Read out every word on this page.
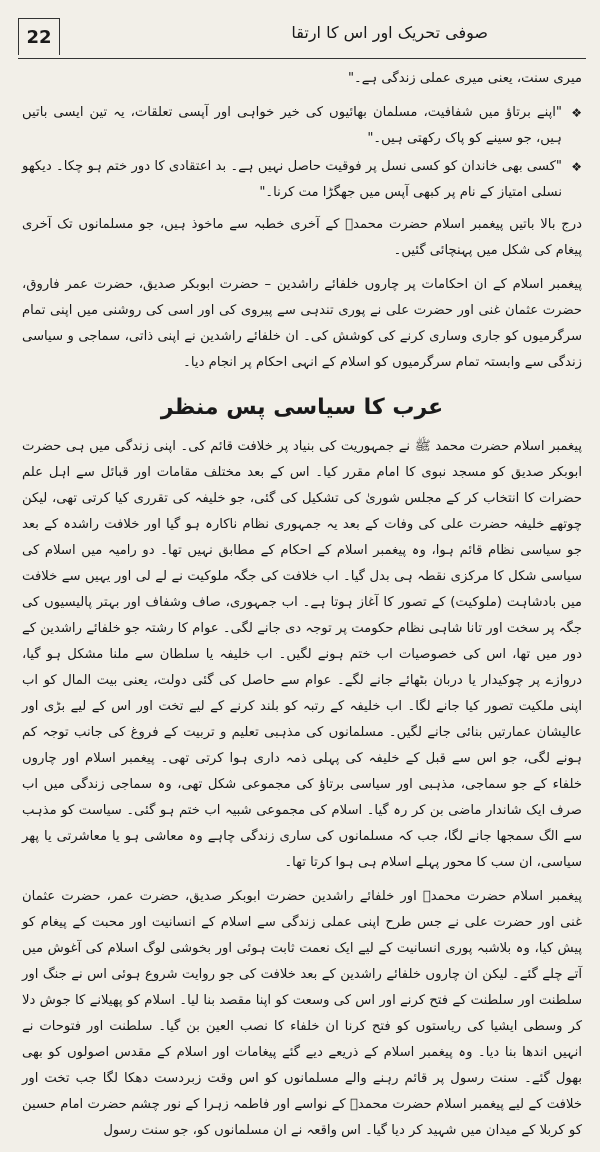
22	صوفی تحریک اور اس کا ارتقا

میری سنت، یعنی میری عملی زندگی ہے۔"

❖
"اپنے برتاؤ میں شفافیت، مسلمان بھائیوں کی خیر خواہی اور آپسی تعلقات، یہ تین ایسی باتیں ہیں، جو سینے کو پاک رکھتی ہیں۔"
❖
"کسی بھی خاندان کو کسی نسل پر فوقیت حاصل نہیں ہے۔ بد اعتقادی کا دور ختم ہو چکا۔ دیکھو نسلی امتیاز کے نام پر کبھی آپس میں جھگڑا مت کرنا۔"

درج بالا باتیں پیغمبر اسلام حضرت محمدؐ کے آخری خطبہ سے ماخوذ ہیں، جو مسلمانوں تک آخری پیغام کی شکل میں پہنچائی گئیں۔

پیغمبر اسلام کے ان احکامات پر چاروں خلفائے راشدین – حضرت ابوبکر صدیق، حضرت عمر فاروق، حضرت عثمان غنی اور حضرت علی نے پوری تندہی سے پیروی کی اور اسی کی روشنی میں اپنی تمام سرگرمیوں کو جاری وساری کرنے کی کوشش کی۔ ان خلفائے راشدین نے اپنی ذاتی، سماجی و سیاسی زندگی سے وابستہ تمام سرگرمیوں کو اسلام کے انہی احکام پر انجام دیا۔

عرب کا سیاسی پس منظر

پیغمبر اسلام حضرت محمد ﷺ نے جمہوریت کی بنیاد پر خلافت قائم کی۔ اپنی زندگی میں ہی حضرت ابوبکر صدیق کو مسجد نبوی کا امام مقرر کیا۔ اس کے بعد مختلف مقامات اور قبائل سے اہل علم حضرات کا انتخاب کر کے مجلس شوریٰ کی تشکیل کی گئی، جو خلیفہ کی تقرری کیا کرتی تھی، لیکن چوتھے خلیفہ حضرت علی کی وفات کے بعد یہ جمہوری نظام ناکارہ ہو گیا اور خلافت راشدہ کے بعد جو سیاسی نظام قائم ہوا، وہ پیغمبر اسلام کے احکام کے مطابق نہیں تھا۔ دو رامیہ میں اسلام کی سیاسی شکل کا مرکزی نقطہ ہی بدل گیا۔ اب خلافت کی جگہ ملوکیت نے لے لی اور یہیں سے خلافت میں بادشاہت (ملوکیت) کے تصور کا آغاز ہوتا ہے۔ اب جمہوری، صاف وشفاف اور بہتر پالیسیوں کی جگہ پر سخت اور تانا شاہی نظام حکومت پر توجہ دی جانے لگی۔ عوام کا رشتہ جو خلفائے راشدین کے دور میں تھا، اس کی خصوصیات اب ختم ہونے لگیں۔ اب خلیفہ یا سلطان سے ملنا مشکل ہو گیا، دروازے پر چوکیدار یا دربان بٹھائے جانے لگے۔ عوام سے حاصل کی گئی دولت، یعنی بیت المال کو اب اپنی ملکیت تصور کیا جانے لگا۔ اب خلیفہ کے رتبہ کو بلند کرنے کے لیے تخت اور اس کے لیے بڑی اور عالیشان عمارتیں بنائی جانے لگیں۔ مسلمانوں کی مذہبی تعلیم و تربیت کے فروغ کی جانب توجہ کم ہونے لگی، جو اس سے قبل کے خلیفہ کی پہلی ذمہ داری ہوا کرتی تھی۔ پیغمبر اسلام اور چاروں خلفاء کے جو سماجی، مذہبی اور سیاسی برتاؤ کی مجموعی شکل تھی، وہ سماجی زندگی میں اب صرف ایک شاندار ماضی بن کر رہ گیا۔ اسلام کی مجموعی شبیہ اب ختم ہو گئی۔ سیاست کو مذہب سے الگ سمجھا جانے لگا، جب کہ مسلمانوں کی ساری زندگی چاہے وہ معاشی ہو یا معاشرتی یا پھر سیاسی، ان سب کا محور پہلے اسلام ہی ہوا کرتا تھا۔

پیغمبر اسلام حضرت محمدؐ اور خلفائے راشدین حضرت ابوبکر صدیق، حضرت عمر، حضرت عثمان غنی اور حضرت علی نے جس طرح اپنی عملی زندگی سے اسلام کے انسانیت اور محبت کے پیغام کو پیش کیا، وہ بلاشبہ پوری انسانیت کے لیے ایک نعمت ثابت ہوئی اور بخوشی لوگ اسلام کی آغوش میں آتے چلے گئے۔ لیکن ان چاروں خلفائے راشدین کے بعد خلافت کی جو روایت شروع ہوئی اس نے جنگ اور سلطنت اور سلطنت کے فتح کرنے اور اس کی وسعت کو اپنا مقصد بنا لیا۔ اسلام کو پھیلانے کا جوش دلا کر وسطی ایشیا کی ریاستوں کو فتح کرنا ان خلفاء کا نصب العین بن گیا۔ سلطنت اور فتوحات نے انہیں اندھا بنا دیا۔ وہ پیغمبر اسلام کے ذریعے دیے گئے پیغامات اور اسلام کے مقدس اصولوں کو بھی بھول گئے۔ سنت رسول پر قائم رہنے والے مسلمانوں کو اس وقت زبردست دھکا لگا جب تخت اور خلافت کے لیے پیغمبر اسلام حضرت محمدؐ کے نواسے اور فاطمہ زہرا کے نور چشم حضرت امام حسین کو کربلا کے میدان میں شہید کر دیا گیا۔ اس واقعہ نے ان مسلمانوں کو، جو سنت رسول
